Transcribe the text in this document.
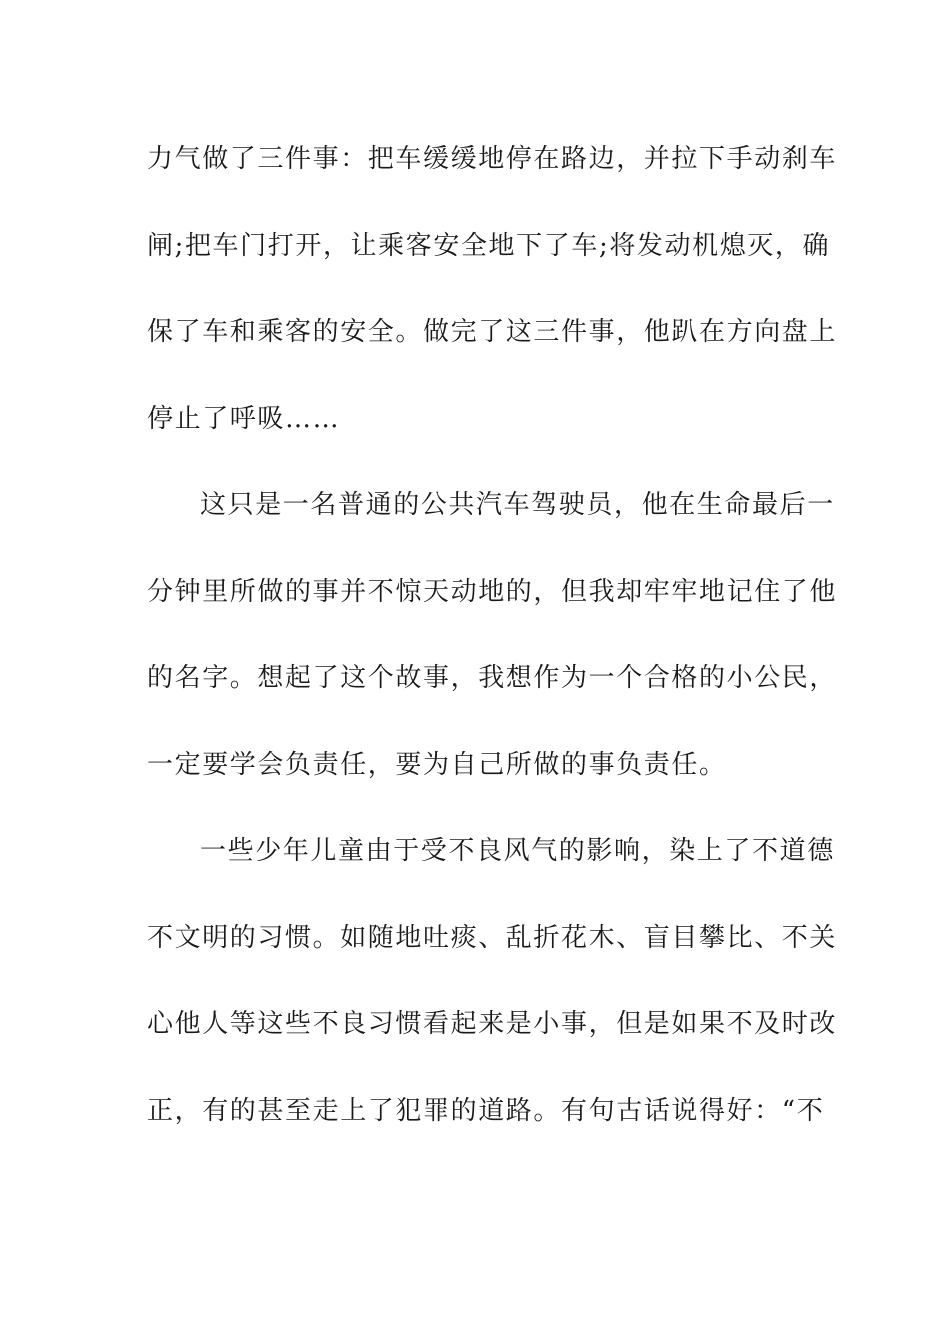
力气做了三件事：把车缓缓地停在路边，并拉下手动刹车
闸;把车门打开，让乘客安全地下了车;将发动机熄灭，确
保了车和乘客的安全。做完了这三件事，他趴在方向盘上
停止了呼吸……
这只是一名普通的公共汽车驾驶员，他在生命最后一
分钟里所做的事并不惊天动地的，但我却牢牢地记住了他
的名字。想起了这个故事，我想作为一个合格的小公民，
一定要学会负责任，要为自己所做的事负责任。
一些少年儿童由于受不良风气的影响，染上了不道德
不文明的习惯。如随地吐痰、乱折花木、盲目攀比、不关
心他人等这些不良习惯看起来是小事，但是如果不及时改
正，有的甚至走上了犯罪的道路。有句古话说得好：“不
